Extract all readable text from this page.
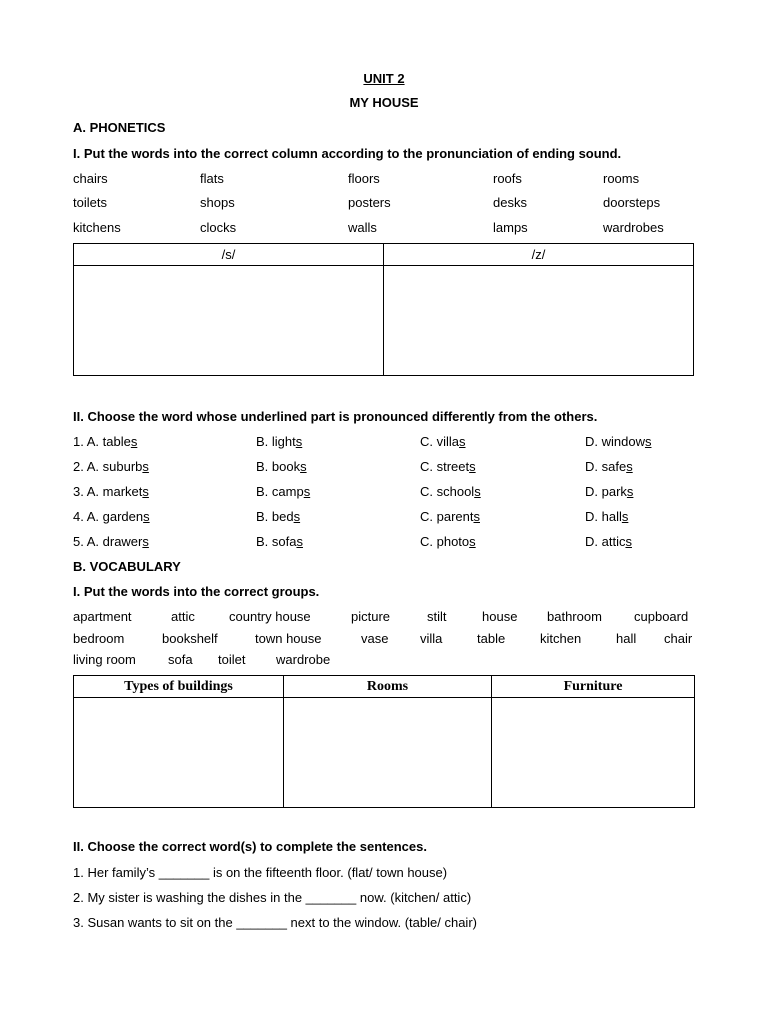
UNIT 2
MY HOUSE
A. PHONETICS
I. Put the words into the correct column according to the pronunciation of ending sound.
chairs	flats	floors	roofs	rooms
toilets	shops	posters	desks	doorsteps
kitchens	clocks	walls	lamps	wardrobes
/s/	/z/

II. Choose the word whose underlined part is pronounced differently from the others.
1. A. tables	B. lights	C. villas	D. windows
2. A. suburbs	B. books	C. streets	D. safes
3. A. markets	B. camps	C. schools	D. parks
4. A. gardens	B. beds	C. parents	D. halls
5. A. drawers	B. sofas	C. photos	D. attics
B. VOCABULARY
I. Put the words into the correct groups.
apartment	attic	country house	picture	stilt	house bathroom cupboard
bedroom	bookshelf	town house	vase villa	table	kitchen	hall chair
living room sofa toilet wardrobe
Types of buildings	Rooms	Furniture

II. Choose the correct word(s) to complete the sentences.
1. Her family’s _______ is on the fifteenth floor. (flat/ town house)
2. My sister is washing the dishes in the _______ now. (kitchen/ attic)
3. Susan wants to sit on the _______ next to the window. (table/ chair)
